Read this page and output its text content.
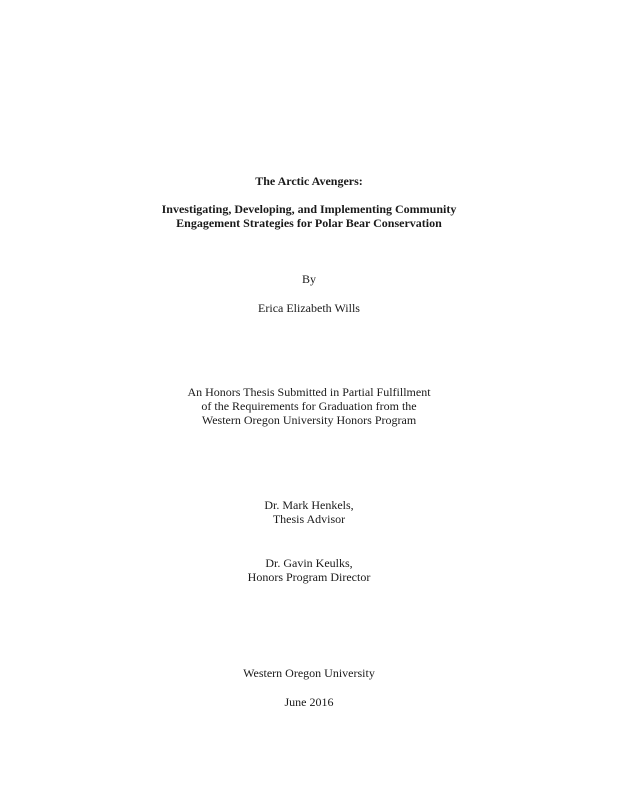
The Arctic Avengers:
Investigating, Developing, and Implementing Community
Engagement Strategies for Polar Bear Conservation
By
Erica Elizabeth Wills
An Honors Thesis Submitted in Partial Fulfillment
of the Requirements for Graduation from the
Western Oregon University Honors Program
Dr. Mark Henkels,
Thesis Advisor
Dr. Gavin Keulks,
Honors Program Director
Western Oregon University
June 2016
